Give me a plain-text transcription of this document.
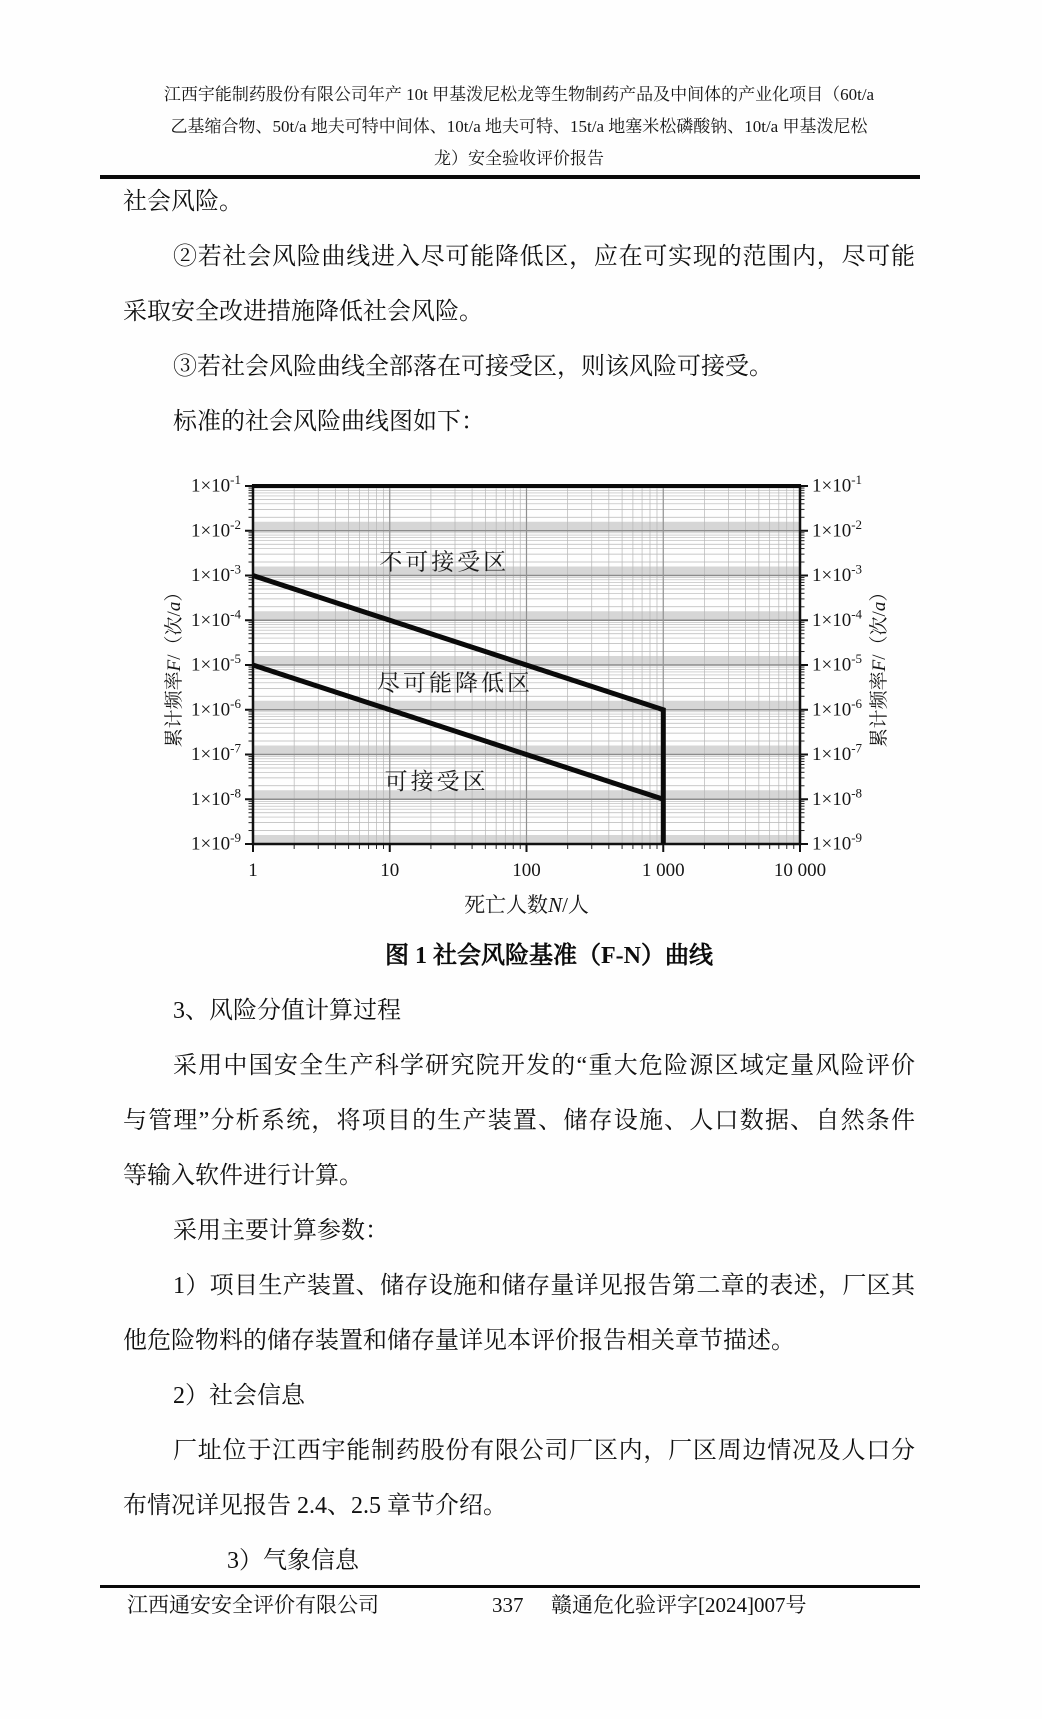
江西宇能制药股份有限公司年产 10t 甲基泼尼松龙等生物制药产品及中间体的产业化项目（60t/a
乙基缩合物、50t/a 地夫可特中间体、10t/a 地夫可特、15t/a 地塞米松磷酸钠、10t/a 甲基泼尼松
龙）安全验收评价报告
社会风险。
②若社会风险曲线进入尽可能降低区，应在可实现的范围内，尽可能
采取安全改进措施降低社会风险。
③若社会风险曲线全部落在可接受区，则该风险可接受。
标准的社会风险曲线图如下：
不可接受区
尽可能降低区
可接受区
$1\times 10^{-1}$	$1\times 10^{-1}$
$1\times 10^{-2}$	$1\times 10^{-2}$
$1\times 10^{-3}$	$1\times 10^{-3}$
$1\times 10^{-4}$	$1\times 10^{-4}$
$1\times 10^{-5}$	$1\times 10^{-5}$
$1\times 10^{-6}$	$1\times 10^{-6}$
$1\times 10^{-7}$	$1\times 10^{-7}$
$1\times 10^{-8}$	$1\times 10^{-8}$
$1\times 10^{-9}$	$1\times 10^{-9}$
1	10	100	1 000	10 000
死亡人数N/人
累计频率F/（次/a）
累计频率F/（次/a）
图 1 社会风险基准（F-N）曲线
3、风险分值计算过程
采用中国安全生产科学研究院开发的“重大危险源区域定量风险评价
与管理”分析系统，将项目的生产装置、储存设施、人口数据、自然条件
等输入软件进行计算。
采用主要计算参数：
1）项目生产装置、储存设施和储存量详见报告第二章的表述，厂区其
他危险物料的储存装置和储存量详见本评价报告相关章节描述。
2）社会信息
厂址位于江西宇能制药股份有限公司厂区内，厂区周边情况及人口分
布情况详见报告 2.4、2.5 章节介绍。
3）气象信息
江西通安安全评价有限公司	337 赣通危化验评字[2024]007号
